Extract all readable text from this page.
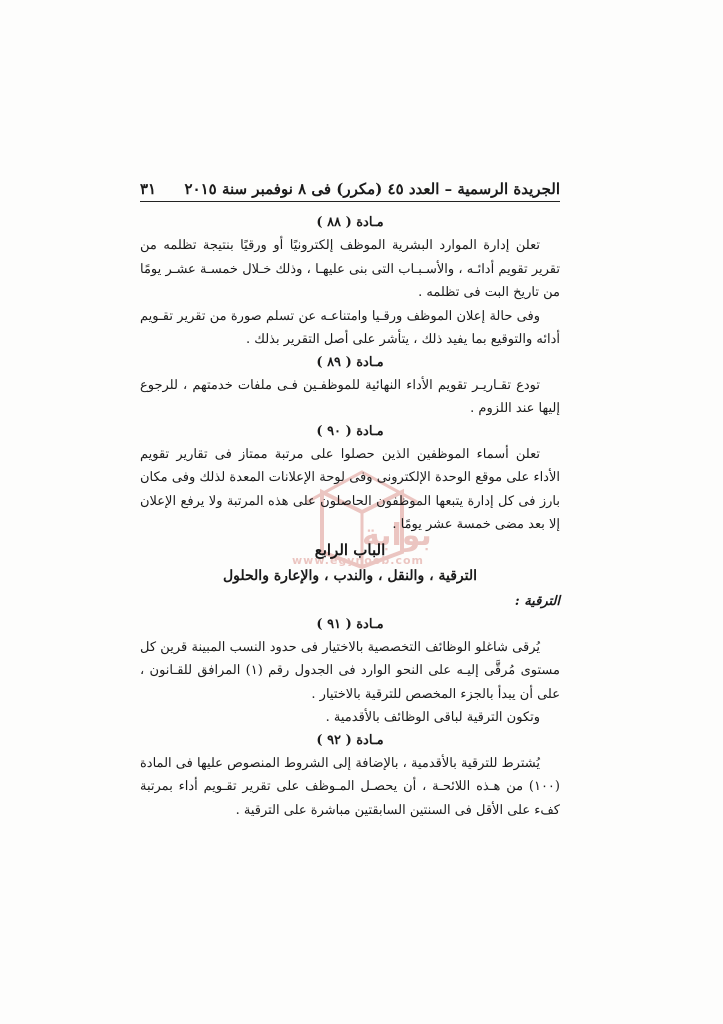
الجريدة الرسمية – العدد ٤٥ (مكرر) فى ٨ نوفمبر سنة ٢٠١٥
٣١
بوابة
www.egynoob.com

مـادة ( ٨٨ )

تعلن إدارة الموارد البشرية الموظف إلكترونيًا أو ورقيًا بنتيجة تظلمه من تقرير تقويم أدائـه ، والأسـبـاب التى بنى عليهـا ، وذلك خـلال خمسـة عشـر يومًا من تاريخ البت فى تظلمه .

وفى حالة إعلان الموظف ورقـيا وامتناعـه عن تسلم صورة من تقرير تقـويم أدائه والتوقيع بما يفيد ذلك ، يتأشر على أصل التقرير بذلك .

مـادة ( ٨٩ )

تودع تقـاريـر تقويم الأداء النهائية للموظفـين فـى ملفات خدمتهم ، للرجوع إليها عند اللزوم .

مـادة ( ٩٠ )

تعلن أسماء الموظفين الذين حصلوا على مرتبة ممتاز فى تقارير تقويم الأداء على موقع الوحدة الإلكترونى وفى لوحة الإعلانات المعدة لذلك وفى مكان بارز فى كل إدارة يتبعها الموظفون الحاصلون على هذه المرتبة ولا يرفع الإعلان إلا بعد مضى خمسة عشر يومًا .

الباب الرابع

الترقية ، والنقل ، والندب ، والإعارة والحلول

الترقية :

مـادة ( ٩١ )

يُرقى شاغلو الوظائف التخصصية بالاختيار فى حدود النسب المبينة قرين كل مستوى مُرقَّى إليـه على النحو الوارد فى الجدول رقم (١) المرافق للقـانون ، على أن يبدأ بالجزء المخصص للترقية بالاختيار .

وتكون الترقية لباقى الوظائف بالأقدمية .

مـادة ( ٩٢ )

يُشترط للترقية بالأقدمية ، بالإضافة إلى الشروط المنصوص عليها فى المادة (١٠٠) من هـذه اللائحـة ، أن يحصـل المـوظف على تقرير تقـويم أداء بمرتبة كفء على الأقل فى السنتين السابقتين مباشرة على الترقية .
